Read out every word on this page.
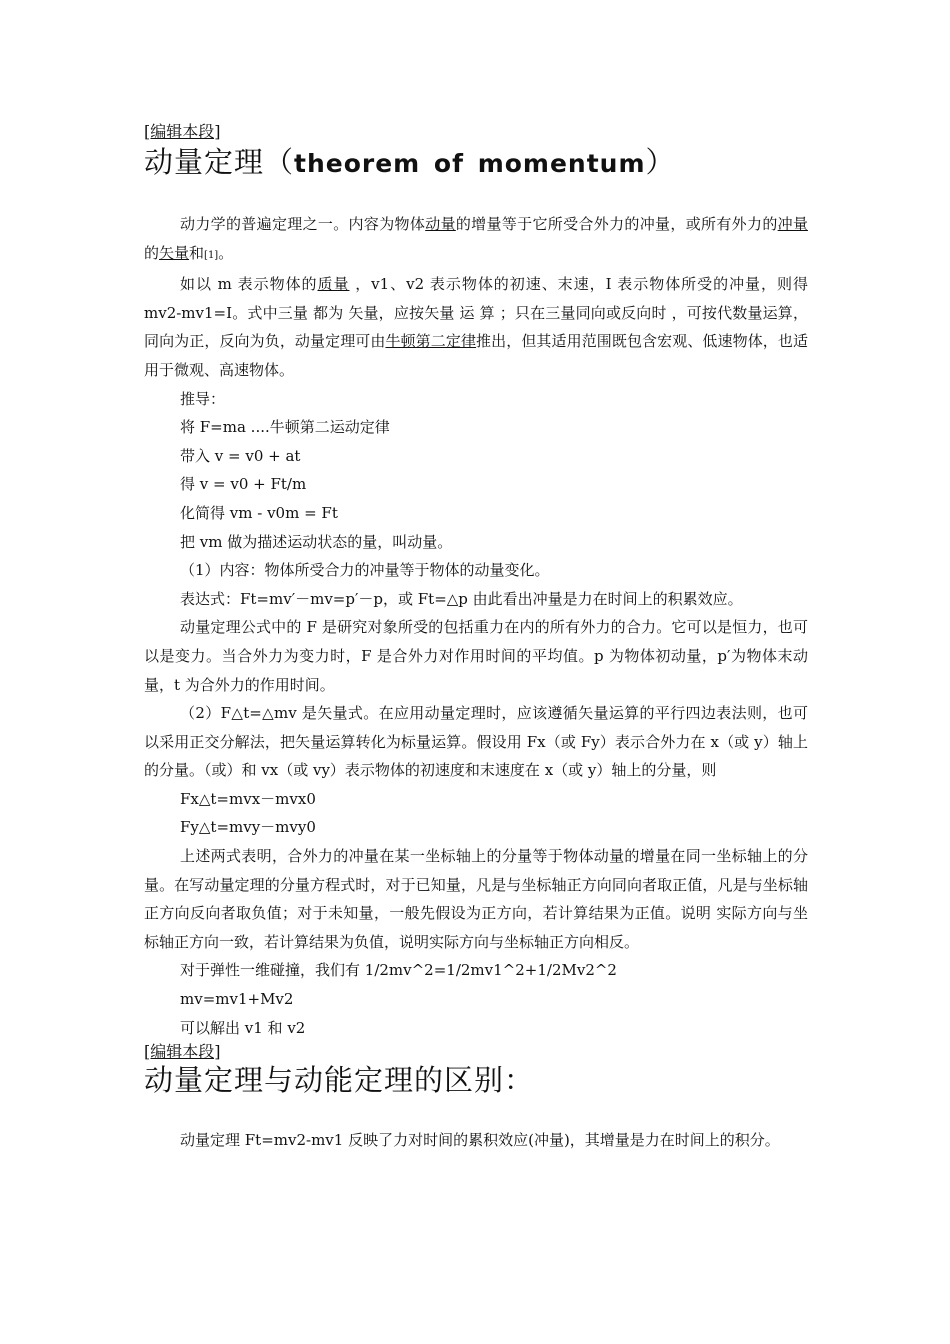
[编辑本段]
动量定理（theorem of momentum）

动力学的普遍定理之一。内容为物体动量的增量等于它所受合外力的冲量，或所有外力的冲量的矢量和[1]。

如以 m 表示物体的质量 ，v1、v2 表示物体的初速、末速，I 表示物体所受的冲量，则得 mv2-mv1=I。式中三量 都为 矢量，应按矢量 运 算 ；只在三量同向或反向时 ，可按代数量运算，同向为正，反向为负，动量定理可由牛顿第二定律推出，但其适用范围既包含宏观、低速物体，也适用于微观、高速物体。

推导：

将 F=ma ....牛顿第二运动定律

带入 v = v0 + at

得 v = v0 + Ft/m

化简得 vm - v0m = Ft

把 vm 做为描述运动状态的量，叫动量。

（1）内容：物体所受合力的冲量等于物体的动量变化。

表达式：Ft=mv′－mv=p′－p，或 Ft=△p 由此看出冲量是力在时间上的积累效应。

动量定理公式中的 F 是研究对象所受的包括重力在内的所有外力的合力。它可以是恒力，也可以是变力。当合外力为变力时，F 是合外力对作用时间的平均值。p 为物体初动量，p′为物体末动量，t 为合外力的作用时间。

（2）F△t=△mv 是矢量式。在应用动量定理时，应该遵循矢量运算的平行四边表法则，也可以采用正交分解法，把矢量运算转化为标量运算。假设用 Fx（或 Fy）表示合外力在 x（或 y）轴上的分量。（或）和 vx（或 vy）表示物体的初速度和末速度在 x（或 y）轴上的分量，则

Fx△t=mvx－mvx0

Fy△t=mvy－mvy0

上述两式表明，合外力的冲量在某一坐标轴上的分量等于物体动量的增量在同一坐标轴上的分量。在写动量定理的分量方程式时，对于已知量，凡是与坐标轴正方向同向者取正值，凡是与坐标轴正方向反向者取负值；对于未知量，一般先假设为正方向，若计算结果为正值。说明 实际方向与坐标轴正方向一致，若计算结果为负值，说明实际方向与坐标轴正方向相反。

对于弹性一维碰撞，我们有 1/2mv^2=1/2mv1^2+1/2Mv2^2

mv=mv1+Mv2

可以解出 v1 和 v2

[编辑本段]
动量定理与动能定理的区别：

动量定理 Ft=mv2-mv1 反映了力对时间的累积效应(冲量)，其增量是力在时间上的积分。
